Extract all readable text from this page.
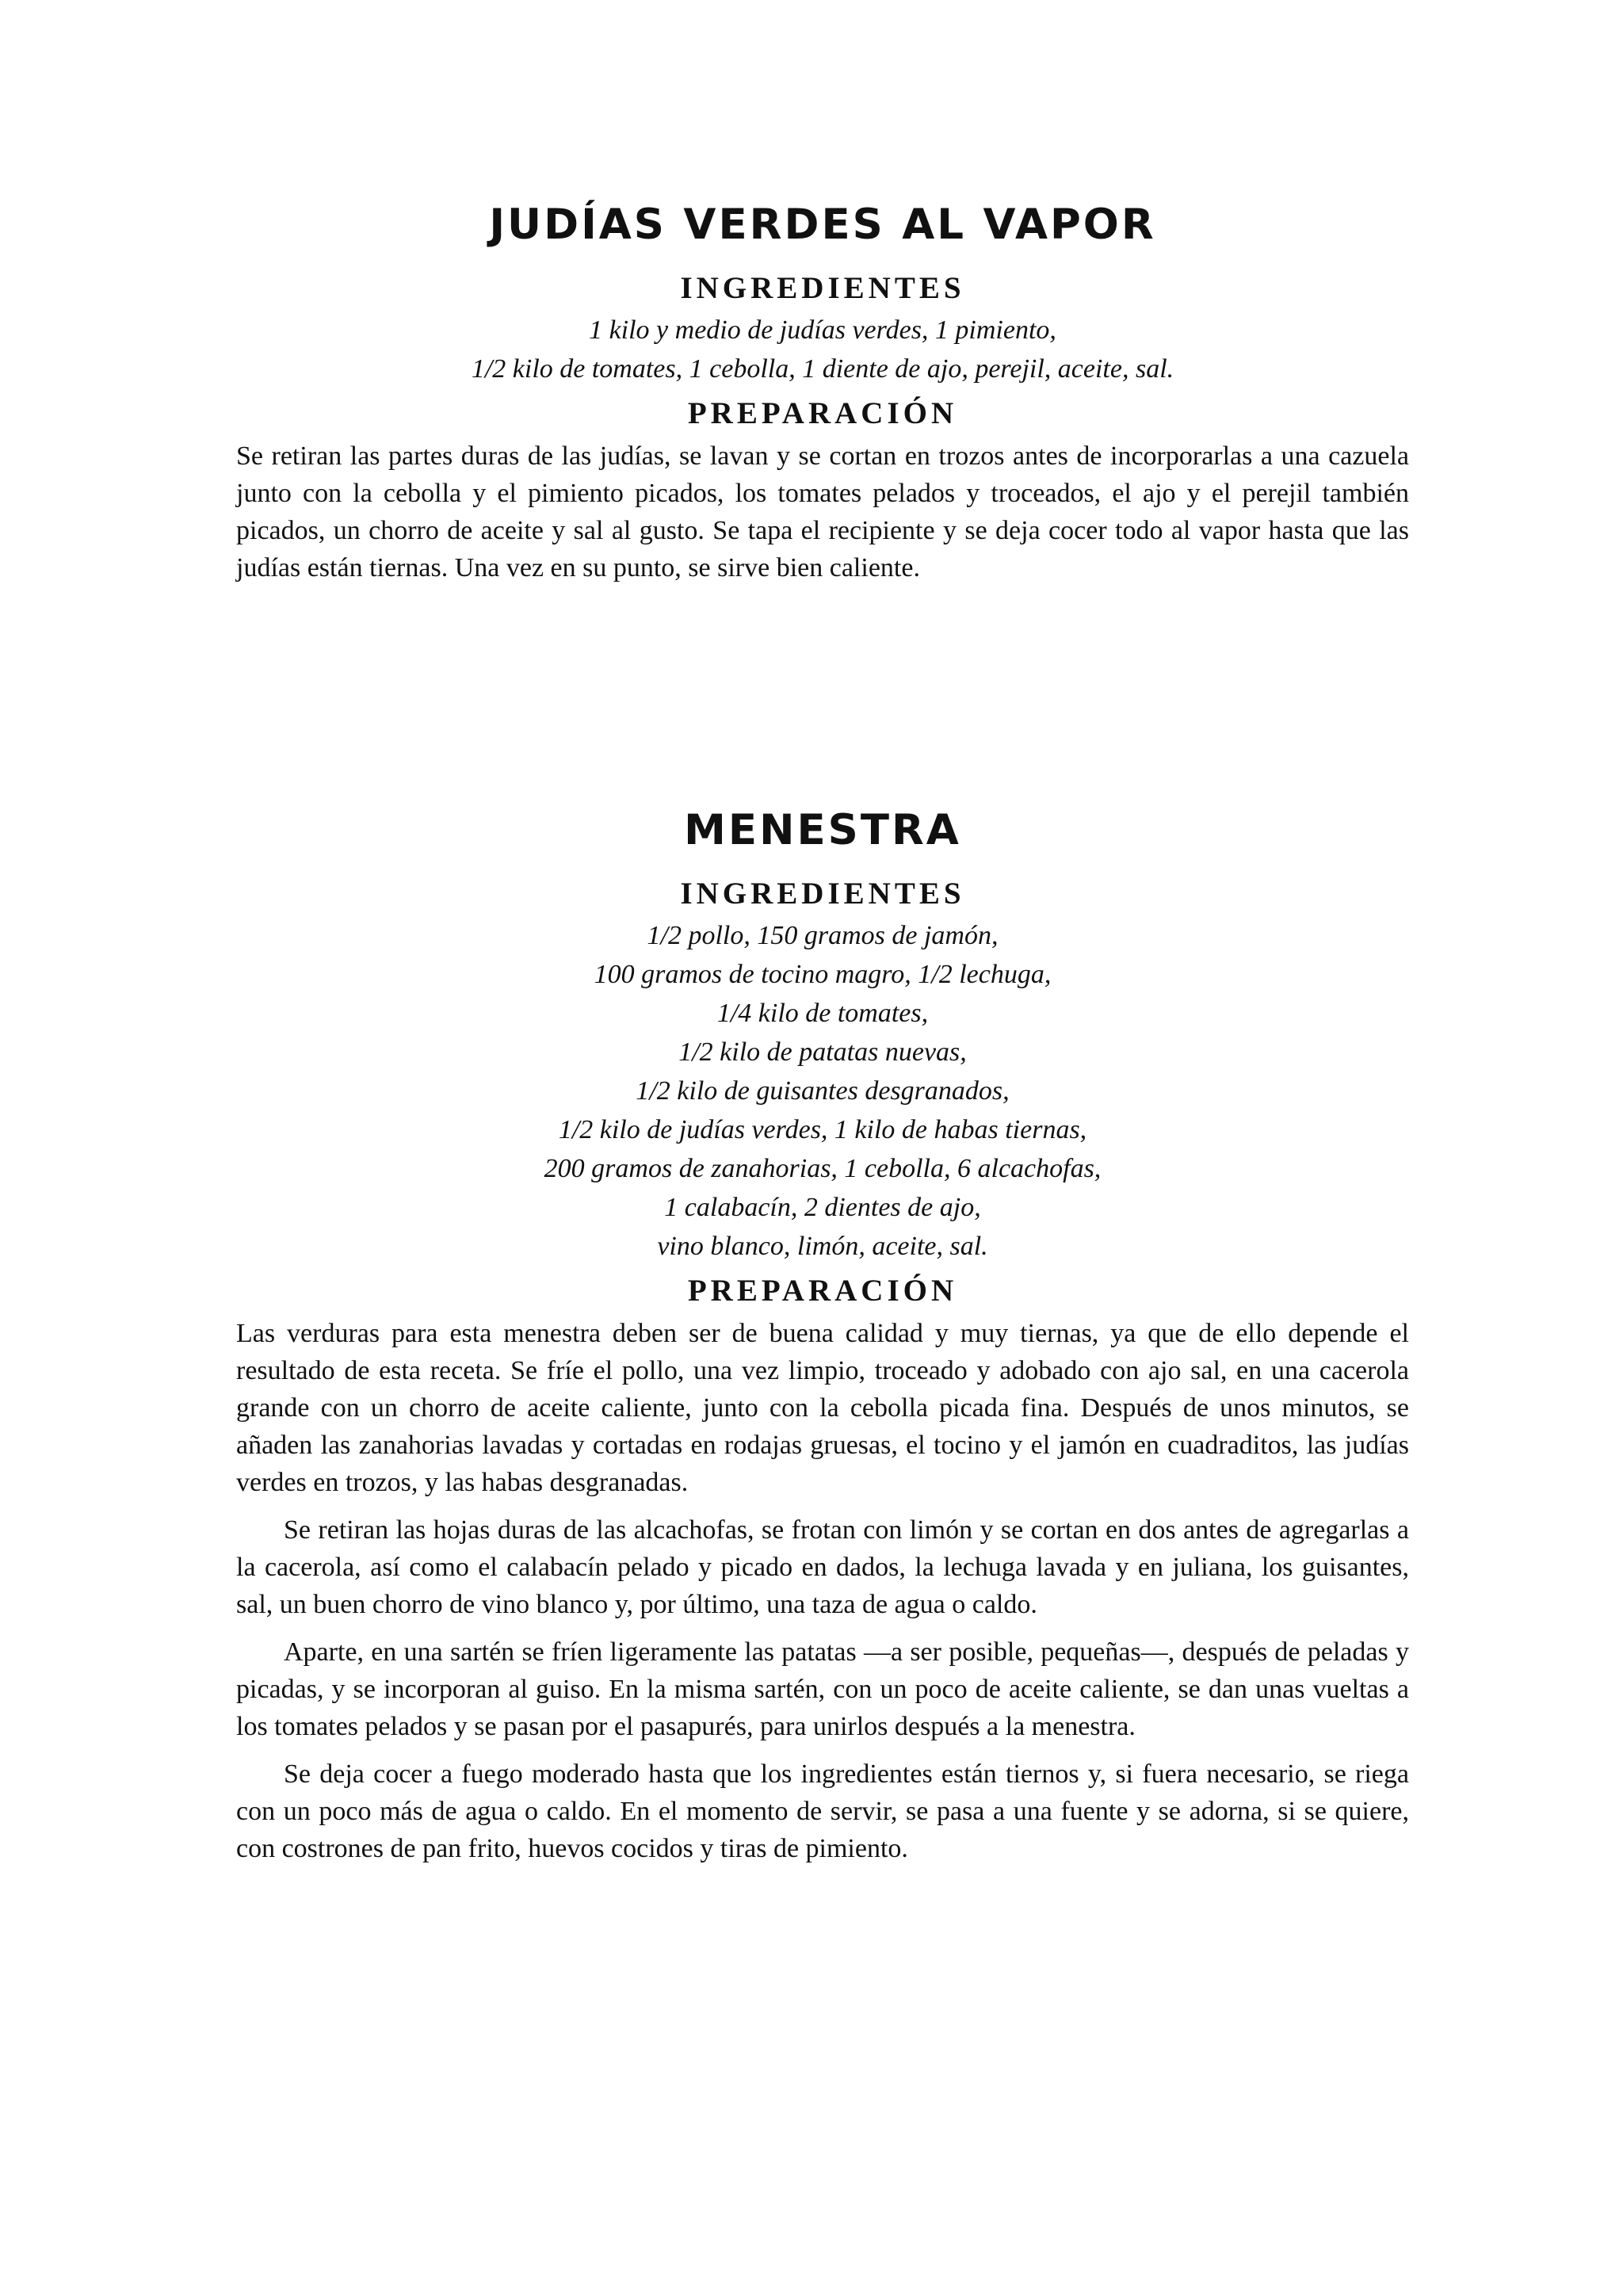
JUDÍAS VERDES AL VAPOR
INGREDIENTES
1 kilo y medio de judías verdes, 1 pimiento,
1/2 kilo de tomates, 1 cebolla, 1 diente de ajo, perejil, aceite, sal.
PREPARACIÓN

Se retiran las partes duras de las judías, se lavan y se cortan en trozos antes de incorporarlas a una cazuela junto con la cebolla y el pimiento picados, los tomates pelados y troceados, el ajo y el perejil también picados, un chorro de aceite y sal al gusto. Se tapa el recipiente y se deja cocer todo al vapor hasta que las judías están tiernas. Una vez en su punto, se sirve bien caliente.

MENESTRA
INGREDIENTES
1/2 pollo, 150 gramos de jamón,
100 gramos de tocino magro, 1/2 lechuga,
1/4 kilo de tomates,
1/2 kilo de patatas nuevas,
1/2 kilo de guisantes desgranados,
1/2 kilo de judías verdes, 1 kilo de habas tiernas,
200 gramos de zanahorias, 1 cebolla, 6 alcachofas,
1 calabacín, 2 dientes de ajo,
vino blanco, limón, aceite, sal.
PREPARACIÓN

Las verduras para esta menestra deben ser de buena calidad y muy tiernas, ya que de ello depende el resultado de esta receta. Se fríe el pollo, una vez limpio, troceado y adobado con ajo sal, en una cacerola grande con un chorro de aceite caliente, junto con la cebolla picada fina. Después de unos minutos, se añaden las zanahorias lavadas y cortadas en rodajas gruesas, el tocino y el jamón en cuadraditos, las judías verdes en trozos, y las habas desgranadas.

Se retiran las hojas duras de las alcachofas, se frotan con limón y se cortan en dos antes de agregarlas a la cacerola, así como el calabacín pelado y picado en dados, la lechuga lavada y en juliana, los guisantes, sal, un buen chorro de vino blanco y, por último, una taza de agua o caldo.

Aparte, en una sartén se fríen ligeramente las patatas —a ser posible, pequeñas—, después de peladas y picadas, y se incorporan al guiso. En la misma sartén, con un poco de aceite caliente, se dan unas vueltas a los tomates pelados y se pasan por el pasapurés, para unirlos después a la menestra.

Se deja cocer a fuego moderado hasta que los ingredientes están tiernos y, si fuera necesario, se riega con un poco más de agua o caldo. En el momento de servir, se pasa a una fuente y se adorna, si se quiere, con costrones de pan frito, huevos cocidos y tiras de pimiento.
